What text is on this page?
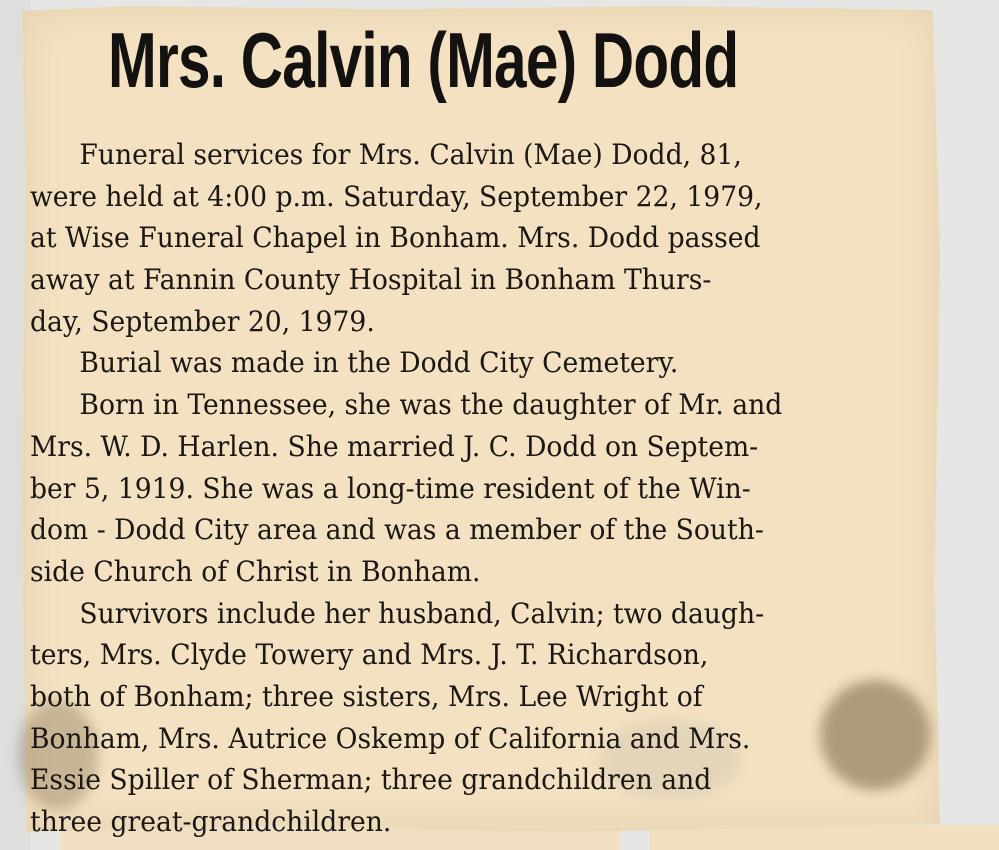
Mrs. Calvin (Mae) Dodd
Funeral services for Mrs. Calvin (Mae) Dodd, 81,
were held at 4:00 p.m. Saturday, September 22, 1979,
at Wise Funeral Chapel in Bonham. Mrs. Dodd passed
away at Fannin County Hospital in Bonham Thurs-
day, September 20, 1979.
Burial was made in the Dodd City Cemetery.
Born in Tennessee, she was the daughter of Mr. and
Mrs. W. D. Harlen. She married J. C. Dodd on Septem-
ber 5, 1919. She was a long-time resident of the Win-
dom - Dodd City area and was a member of the South-
side Church of Christ in Bonham.
Survivors include her husband, Calvin; two daugh-
ters, Mrs. Clyde Towery and Mrs. J. T. Richardson,
both of Bonham; three sisters, Mrs. Lee Wright of
Bonham, Mrs. Autrice Oskemp of California and Mrs.
Essie Spiller of Sherman; three grandchildren and
three great-grandchildren.
